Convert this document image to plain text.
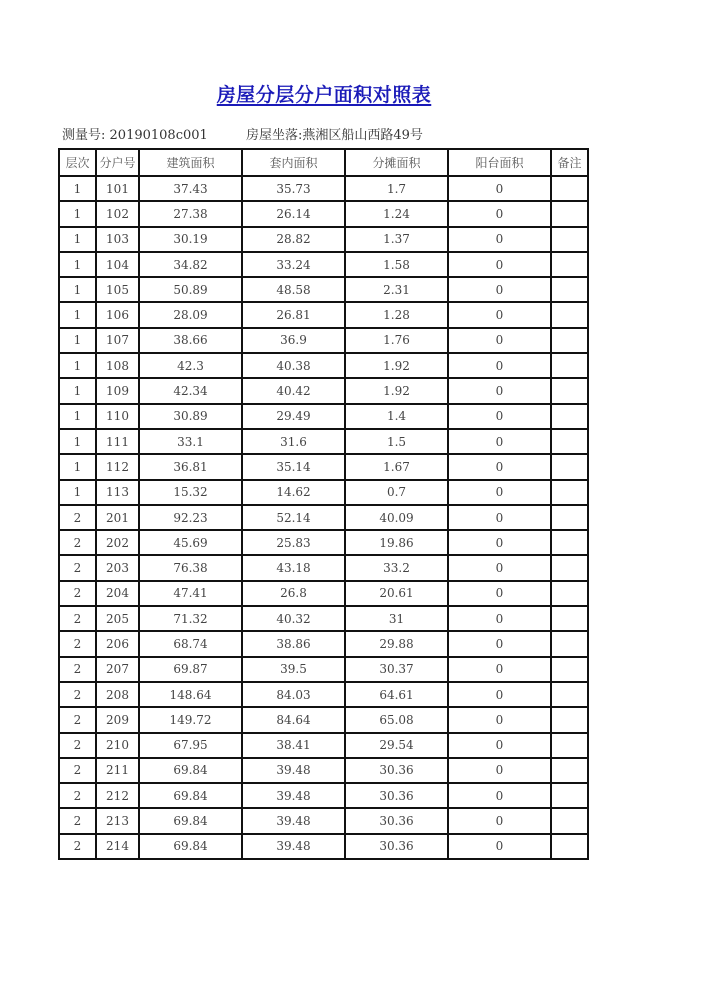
房屋分层分户面积对照表
测量号: 20190108c001	房屋坐落:燕湘区船山西路49号
层次	分户号	建筑面积	套内面积	分摊面积	阳台面积	备注
1	101	37.43	35.73	1.7	0	
1	102	27.38	26.14	1.24	0	
1	103	30.19	28.82	1.37	0	
1	104	34.82	33.24	1.58	0	
1	105	50.89	48.58	2.31	0	
1	106	28.09	26.81	1.28	0	
1	107	38.66	36.9	1.76	0	
1	108	42.3	40.38	1.92	0	
1	109	42.34	40.42	1.92	0	
1	110	30.89	29.49	1.4	0	
1	111	33.1	31.6	1.5	0	
1	112	36.81	35.14	1.67	0	
1	113	15.32	14.62	0.7	0	
2	201	92.23	52.14	40.09	0	
2	202	45.69	25.83	19.86	0	
2	203	76.38	43.18	33.2	0	
2	204	47.41	26.8	20.61	0	
2	205	71.32	40.32	31	0	
2	206	68.74	38.86	29.88	0	
2	207	69.87	39.5	30.37	0	
2	208	148.64	84.03	64.61	0	
2	209	149.72	84.64	65.08	0	
2	210	67.95	38.41	29.54	0	
2	211	69.84	39.48	30.36	0	
2	212	69.84	39.48	30.36	0	
2	213	69.84	39.48	30.36	0	
2	214	69.84	39.48	30.36	0	
